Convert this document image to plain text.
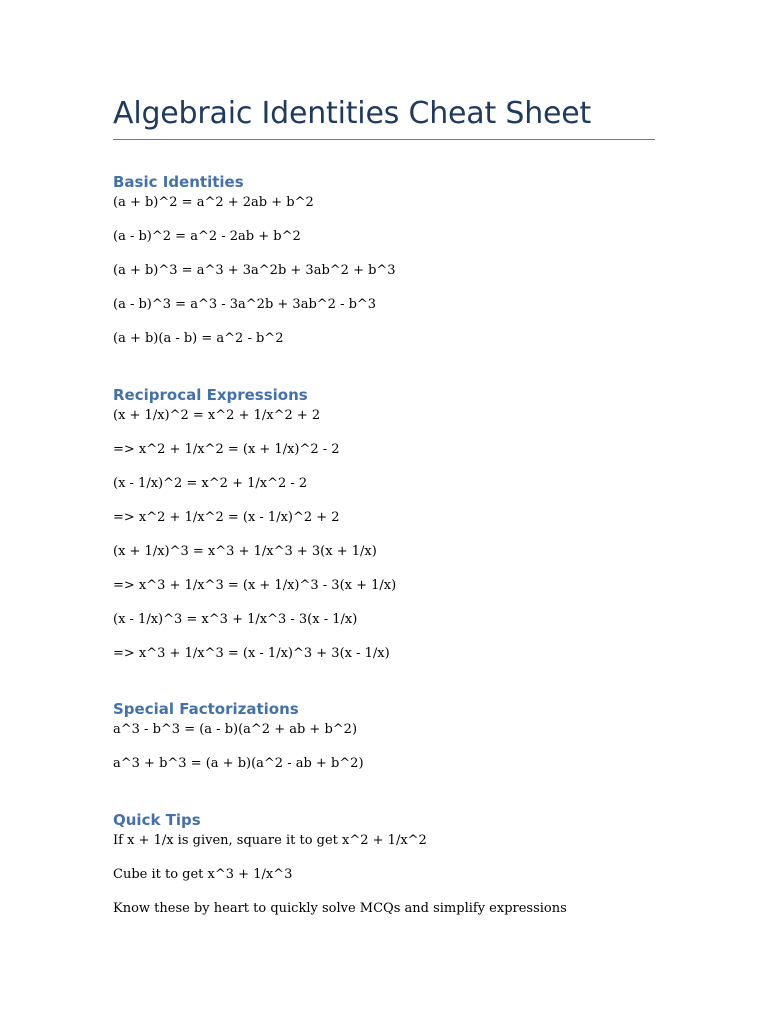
Algebraic Identities Cheat Sheet
Basic Identities

(a + b)^2 = a^2 + 2ab + b^2

(a - b)^2 = a^2 - 2ab + b^2

(a + b)^3 = a^3 + 3a^2b + 3ab^2 + b^3

(a - b)^3 = a^3 - 3a^2b + 3ab^2 - b^3

(a + b)(a - b) = a^2 - b^2

Reciprocal Expressions

(x + 1/x)^2 = x^2 + 1/x^2 + 2

=> x^2 + 1/x^2 = (x + 1/x)^2 - 2

(x - 1/x)^2 = x^2 + 1/x^2 - 2

=> x^2 + 1/x^2 = (x - 1/x)^2 + 2

(x + 1/x)^3 = x^3 + 1/x^3 + 3(x + 1/x)

=> x^3 + 1/x^3 = (x + 1/x)^3 - 3(x + 1/x)

(x - 1/x)^3 = x^3 + 1/x^3 - 3(x - 1/x)

=> x^3 + 1/x^3 = (x - 1/x)^3 + 3(x - 1/x)

Special Factorizations

a^3 - b^3 = (a - b)(a^2 + ab + b^2)

a^3 + b^3 = (a + b)(a^2 - ab + b^2)

Quick Tips

If x + 1/x is given, square it to get x^2 + 1/x^2

Cube it to get x^3 + 1/x^3

Know these by heart to quickly solve MCQs and simplify expressions
